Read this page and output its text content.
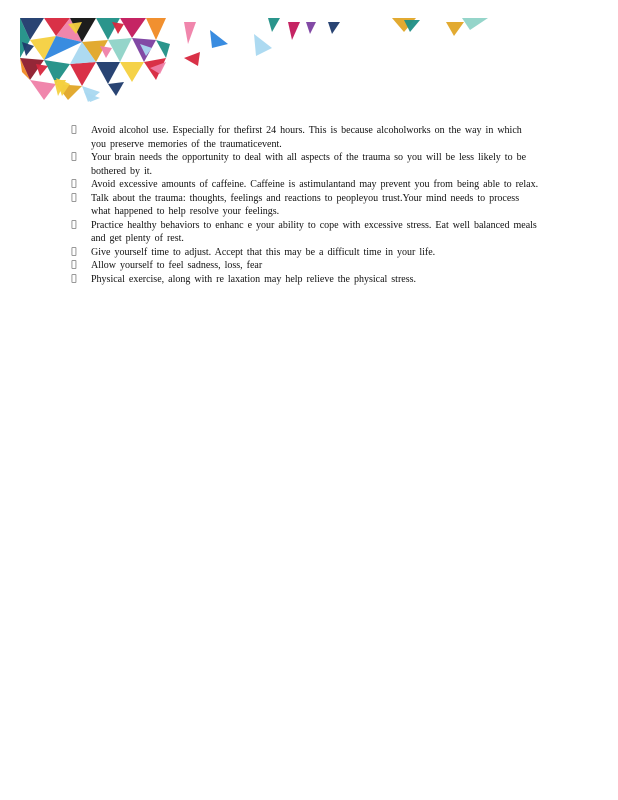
Avoid alcohol use. Especially for thefirst 24 hours. This is because alcoholworks on the way in which you preserve memories of the traumaticevent.
Your brain needs the opportunity to deal with all aspects of the trauma so you will be less likely to be bothered by it.
Avoid excessive amounts of caffeine. Caffeine is astimulantand may prevent you from being able to relax.
Talk about the trauma: thoughts, feelings and reactions to peopleyou trust.Your mind needs to process what happened to help resolve your feelings.
Practice healthy behaviors to enhanc e your ability to cope with excessive stress. Eat well balanced meals and get plenty of rest.
Give yourself time to adjust. Accept that this may be a difficult time in your life.
Allow yourself to feel sadness, loss, fear
Physical exercise, along with re laxation may help relieve the physical stress.
